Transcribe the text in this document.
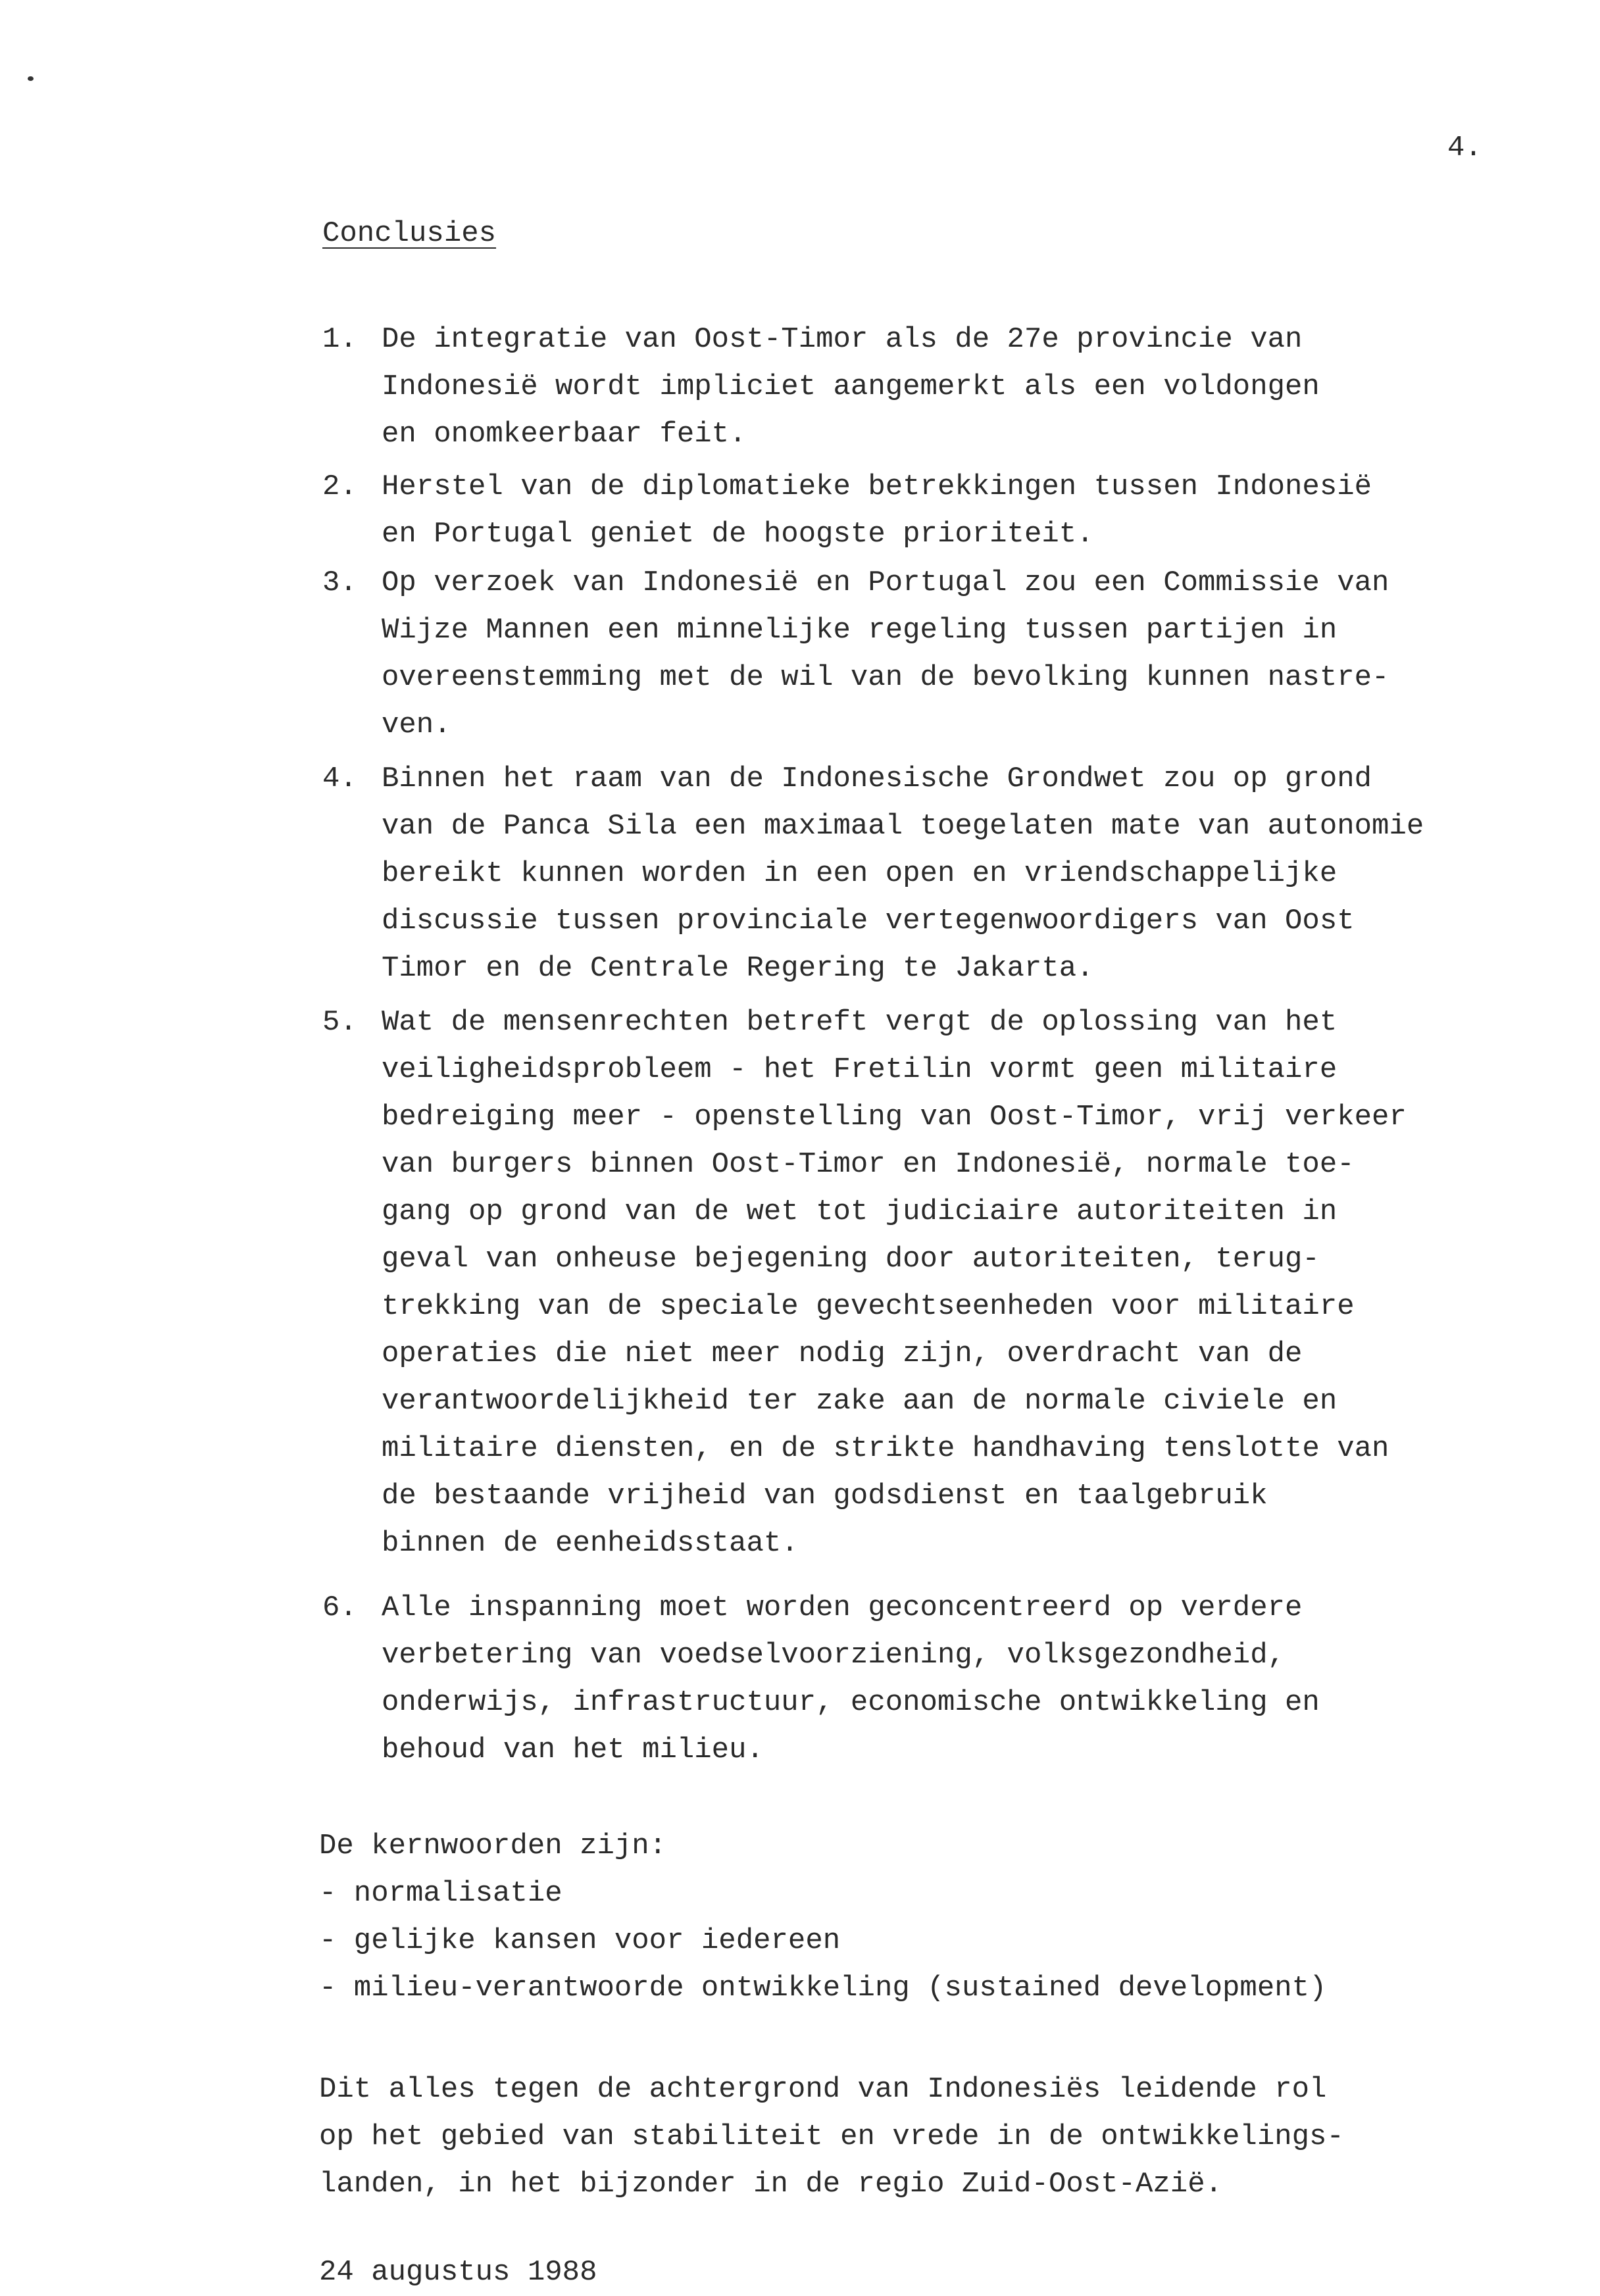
4.
Conclusies
1. De integratie van Oost-Timor als de 27e provincie van
Indonesië wordt impliciet aangemerkt als een voldongen
en onomkeerbaar feit.
2. Herstel van de diplomatieke betrekkingen tussen Indonesië
en Portugal geniet de hoogste prioriteit.
3. Op verzoek van Indonesië en Portugal zou een Commissie van
Wijze Mannen een minnelijke regeling tussen partijen in
overeenstemming met de wil van de bevolking kunnen nastre-
ven.
4. Binnen het raam van de Indonesische Grondwet zou op grond
van de Panca Sila een maximaal toegelaten mate van autonomie
bereikt kunnen worden in een open en vriendschappelijke
discussie tussen provinciale vertegenwoordigers van Oost
Timor en de Centrale Regering te Jakarta.
5. Wat de mensenrechten betreft vergt de oplossing van het
veiligheidsprobleem - het Fretilin vormt geen militaire
bedreiging meer - openstelling van Oost-Timor, vrij verkeer
van burgers binnen Oost-Timor en Indonesië, normale toe-
gang op grond van de wet tot judiciaire autoriteiten in
geval van onheuse bejegening door autoriteiten, terug-
trekking van de speciale gevechtseenheden voor militaire
operaties die niet meer nodig zijn, overdracht van de
verantwoordelijkheid ter zake aan de normale civiele en
militaire diensten, en de strikte handhaving tenslotte van
de bestaande vrijheid van godsdienst en taalgebruik
binnen de eenheidsstaat.
6. Alle inspanning moet worden geconcentreerd op verdere
verbetering van voedselvoorziening, volksgezondheid,
onderwijs, infrastructuur, economische ontwikkeling en
behoud van het milieu.
De kernwoorden zijn:
- normalisatie
- gelijke kansen voor iedereen
- milieu-verantwoorde ontwikkeling (sustained development)
Dit alles tegen de achtergrond van Indonesiës leidende rol
op het gebied van stabiliteit en vrede in de ontwikkelings-
landen, in het bijzonder in de regio Zuid-Oost-Azië.
24 augustus 1988
